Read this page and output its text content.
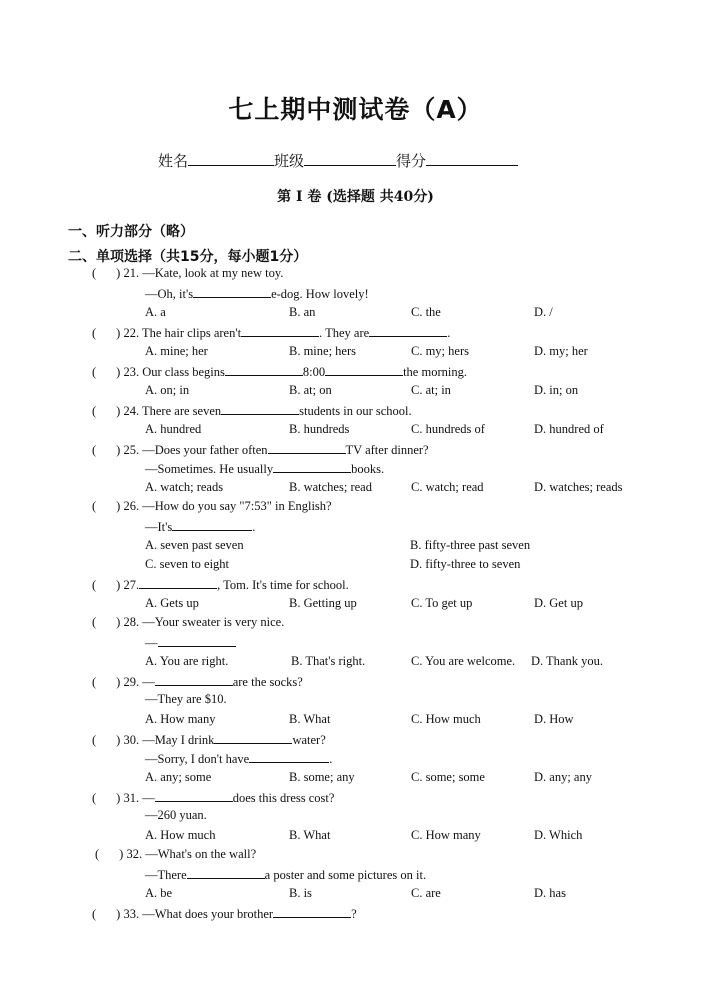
七上期中测试卷（A）
姓名	班级	得分
第 I 卷 (选择题 共40分)
一、听力部分（略）
二、单项选择（共15分，每小题1分）
( ) 21. —Kate, look at my new toy.
—Oh, it's	e-dog. How lovely!
A. a	B. an	C. the	D. /
( ) 22. The hair clips aren't	. They are	.
A. mine; her	B. mine; hers	C. my; hers	D. my; her
( ) 23. Our class begins	8:00	the morning.
A. on; in	B. at; on	C. at; in	D. in; on
( ) 24. There are seven	students in our school.
A. hundred	B. hundreds	C. hundreds of	D. hundred of
( ) 25. —Does your father often	TV after dinner?
—Sometimes. He usually	books.
A. watch; reads	B. watches; read	C. watch; read	D. watches; reads
( ) 26. —How do you say "7:53" in English?
—It's	.
A. seven past seven	B. fifty-three past seven
C. seven to eight	D. fifty-three to seven
( ) 27.	, Tom. It's time for school.
A. Gets up	B. Getting up	C. To get up	D. Get up
( ) 28. —Your sweater is very nice.
—
A. You are right.	B. That's right.	C. You are welcome. D. Thank you.
( ) 29. —	are the socks?
—They are $10.
A. How many	B. What	C. How much	D. How
( ) 30. —May I drink	water?
—Sorry, I don't have	.
A. any; some	B. some; any	C. some; some	D. any; any
( ) 31. —	does this dress cost?
—260 yuan.
A. How much	B. What	C. How many	D. Which
( ) 32. —What's on the wall?
—There	a poster and some pictures on it.
A. be	B. is	C. are	D. has
( ) 33. —What does your brother	?
